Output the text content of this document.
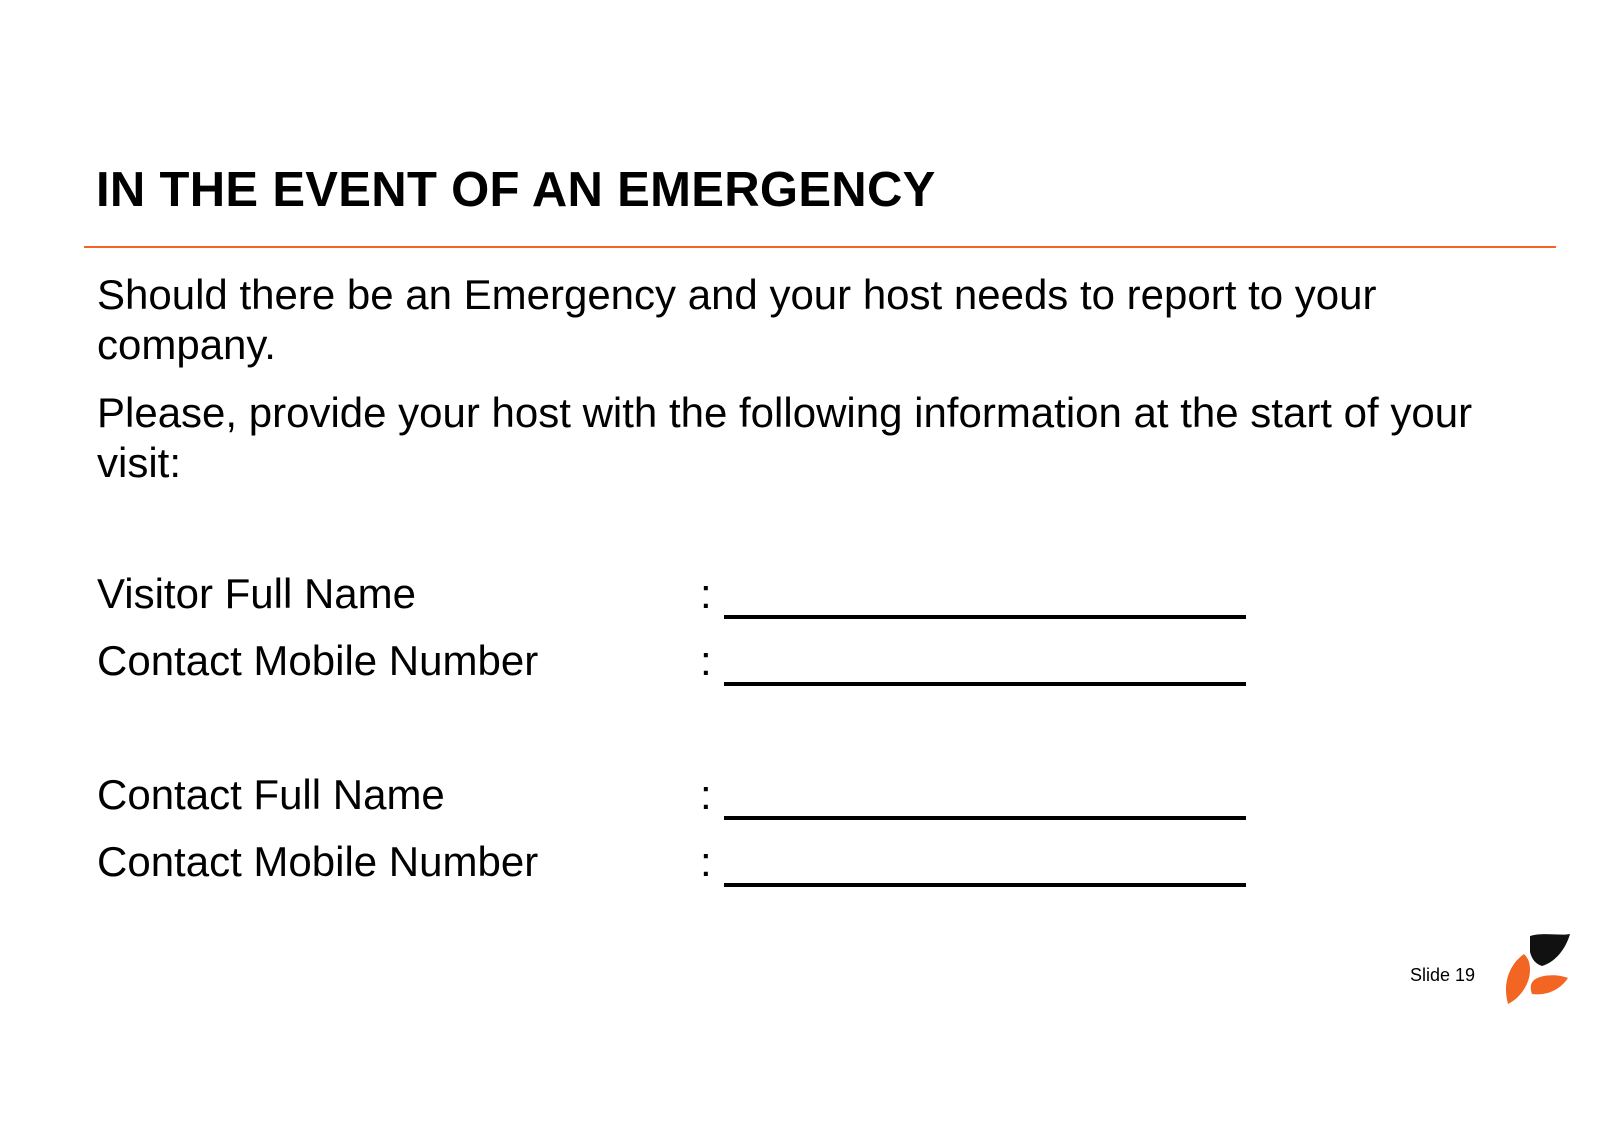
IN THE EVENT OF AN EMERGENCY

Should there be an Emergency and your host needs to report to your company.

Please, provide your host with the following information at the start of your visit:

Visitor Full Name	:
Contact Mobile Number	:
Contact Full Name	:
Contact Mobile Number	:
Slide 19
